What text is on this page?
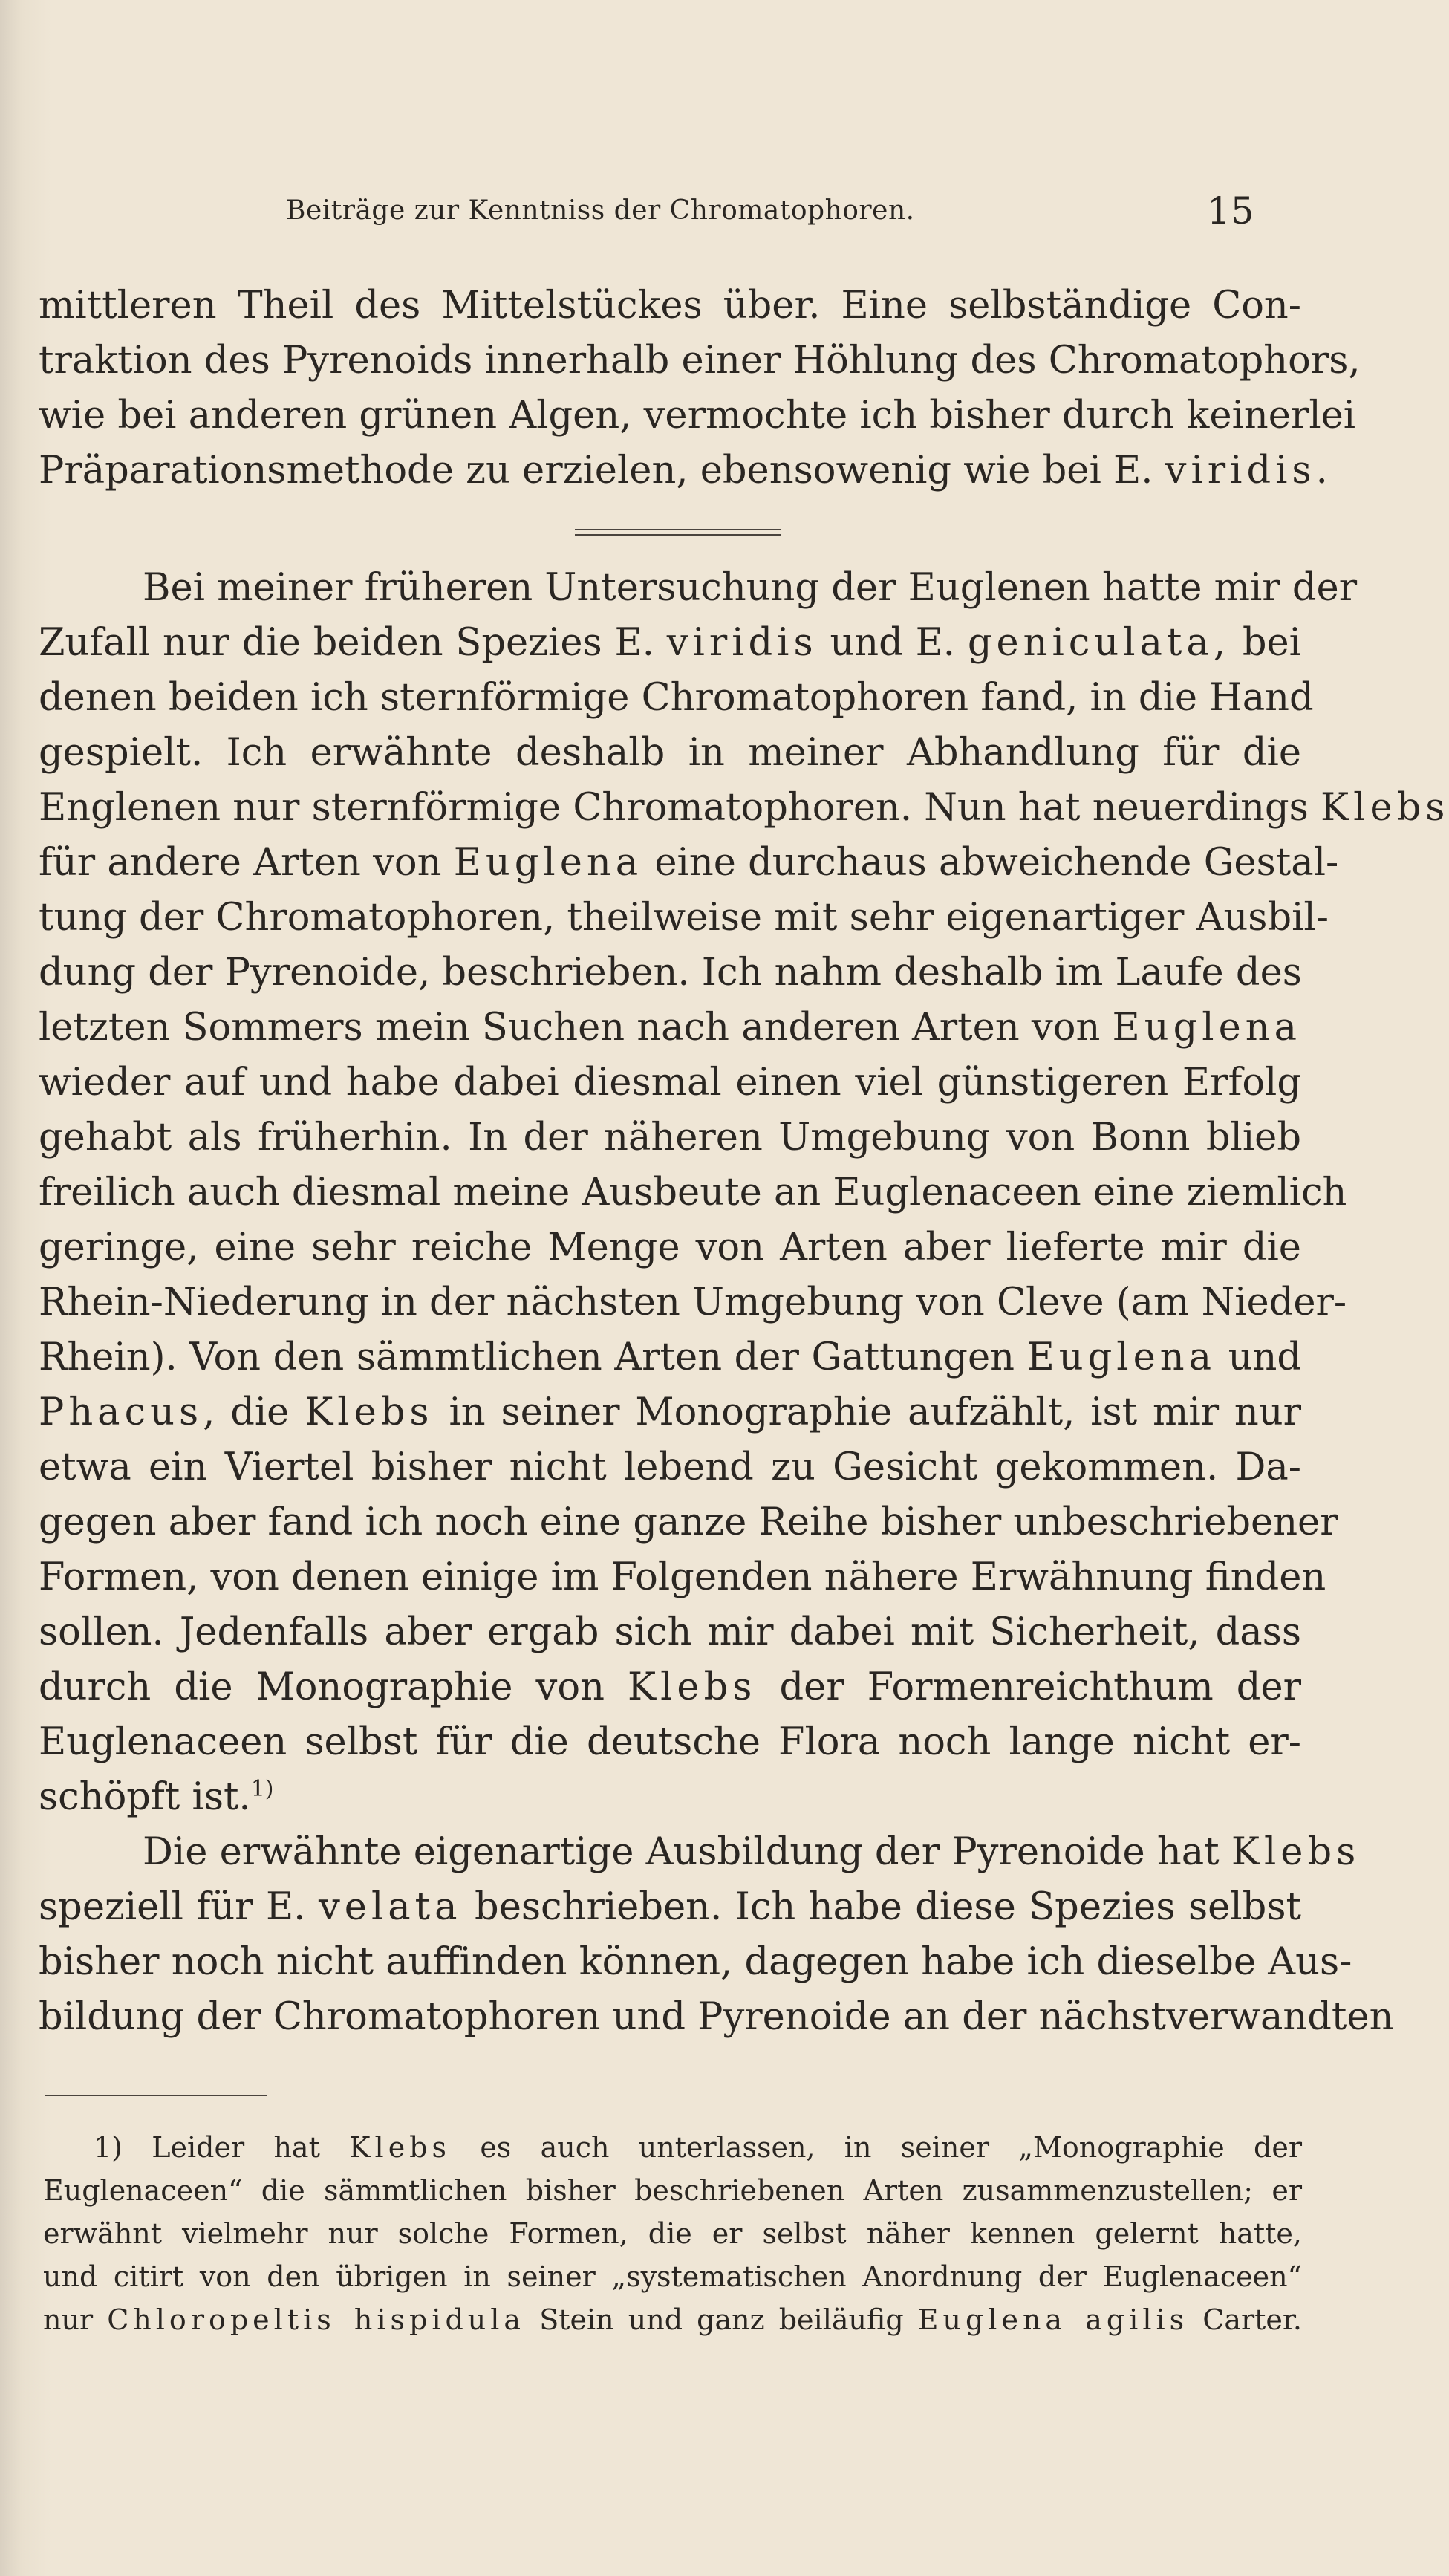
Beiträge zur Kenntniss der Chromatophoren.	15
mittleren Theil des Mittelstückes über. Eine selbständige Con-
traktion des Pyrenoids innerhalb einer Höhlung des Chromatophors,
wie bei anderen grünen Algen, vermochte ich bisher durch keinerlei
Präparationsmethode zu erzielen, ebensowenig wie bei E. viridis.
Bei meiner früheren Untersuchung der Euglenen hatte mir der
Zufall nur die beiden Spezies E. viridis und E. geniculata, bei
denen beiden ich sternförmige Chromatophoren fand, in die Hand
gespielt. Ich erwähnte deshalb in meiner Abhandlung für die
Englenen nur sternförmige Chromatophoren. Nun hat neuerdings Klebs
für andere Arten von Euglena eine durchaus abweichende Gestal-
tung der Chromatophoren, theilweise mit sehr eigenartiger Ausbil-
dung der Pyrenoide, beschrieben. Ich nahm deshalb im Laufe des
letzten Sommers mein Suchen nach anderen Arten von Euglena
wieder auf und habe dabei diesmal einen viel günstigeren Erfolg
gehabt als früherhin. In der näheren Umgebung von Bonn blieb
freilich auch diesmal meine Ausbeute an Euglenaceen eine ziemlich
geringe, eine sehr reiche Menge von Arten aber lieferte mir die
Rhein-Niederung in der nächsten Umgebung von Cleve (am Nieder-
Rhein). Von den sämmtlichen Arten der Gattungen Euglena und
Phacus, die Klebs in seiner Monographie aufzählt, ist mir nur
etwa ein Viertel bisher nicht lebend zu Gesicht gekommen. Da-
gegen aber fand ich noch eine ganze Reihe bisher unbeschriebener
Formen, von denen einige im Folgenden nähere Erwähnung finden
sollen. Jedenfalls aber ergab sich mir dabei mit Sicherheit, dass
durch die Monographie von Klebs der Formenreichthum der
Euglenaceen selbst für die deutsche Flora noch lange nicht er-
schöpft ist.$^{1)}$
Die erwähnte eigenartige Ausbildung der Pyrenoide hat Klebs
speziell für E. velata beschrieben. Ich habe diese Spezies selbst
bisher noch nicht auffinden können, dagegen habe ich dieselbe Aus-
bildung der Chromatophoren und Pyrenoide an der nächstverwandten
1) Leider hat Klebs es auch unterlassen, in seiner „Monographie der
Euglenaceen“ die sämmtlichen bisher beschriebenen Arten zusammenzustellen; er
erwähnt vielmehr nur solche Formen, die er selbst näher kennen gelernt hatte,
und citirt von den übrigen in seiner „systematischen Anordnung der Euglenaceen“
nur Chloropeltis hispidula Stein und ganz beiläufig Euglena agilis Carter.
